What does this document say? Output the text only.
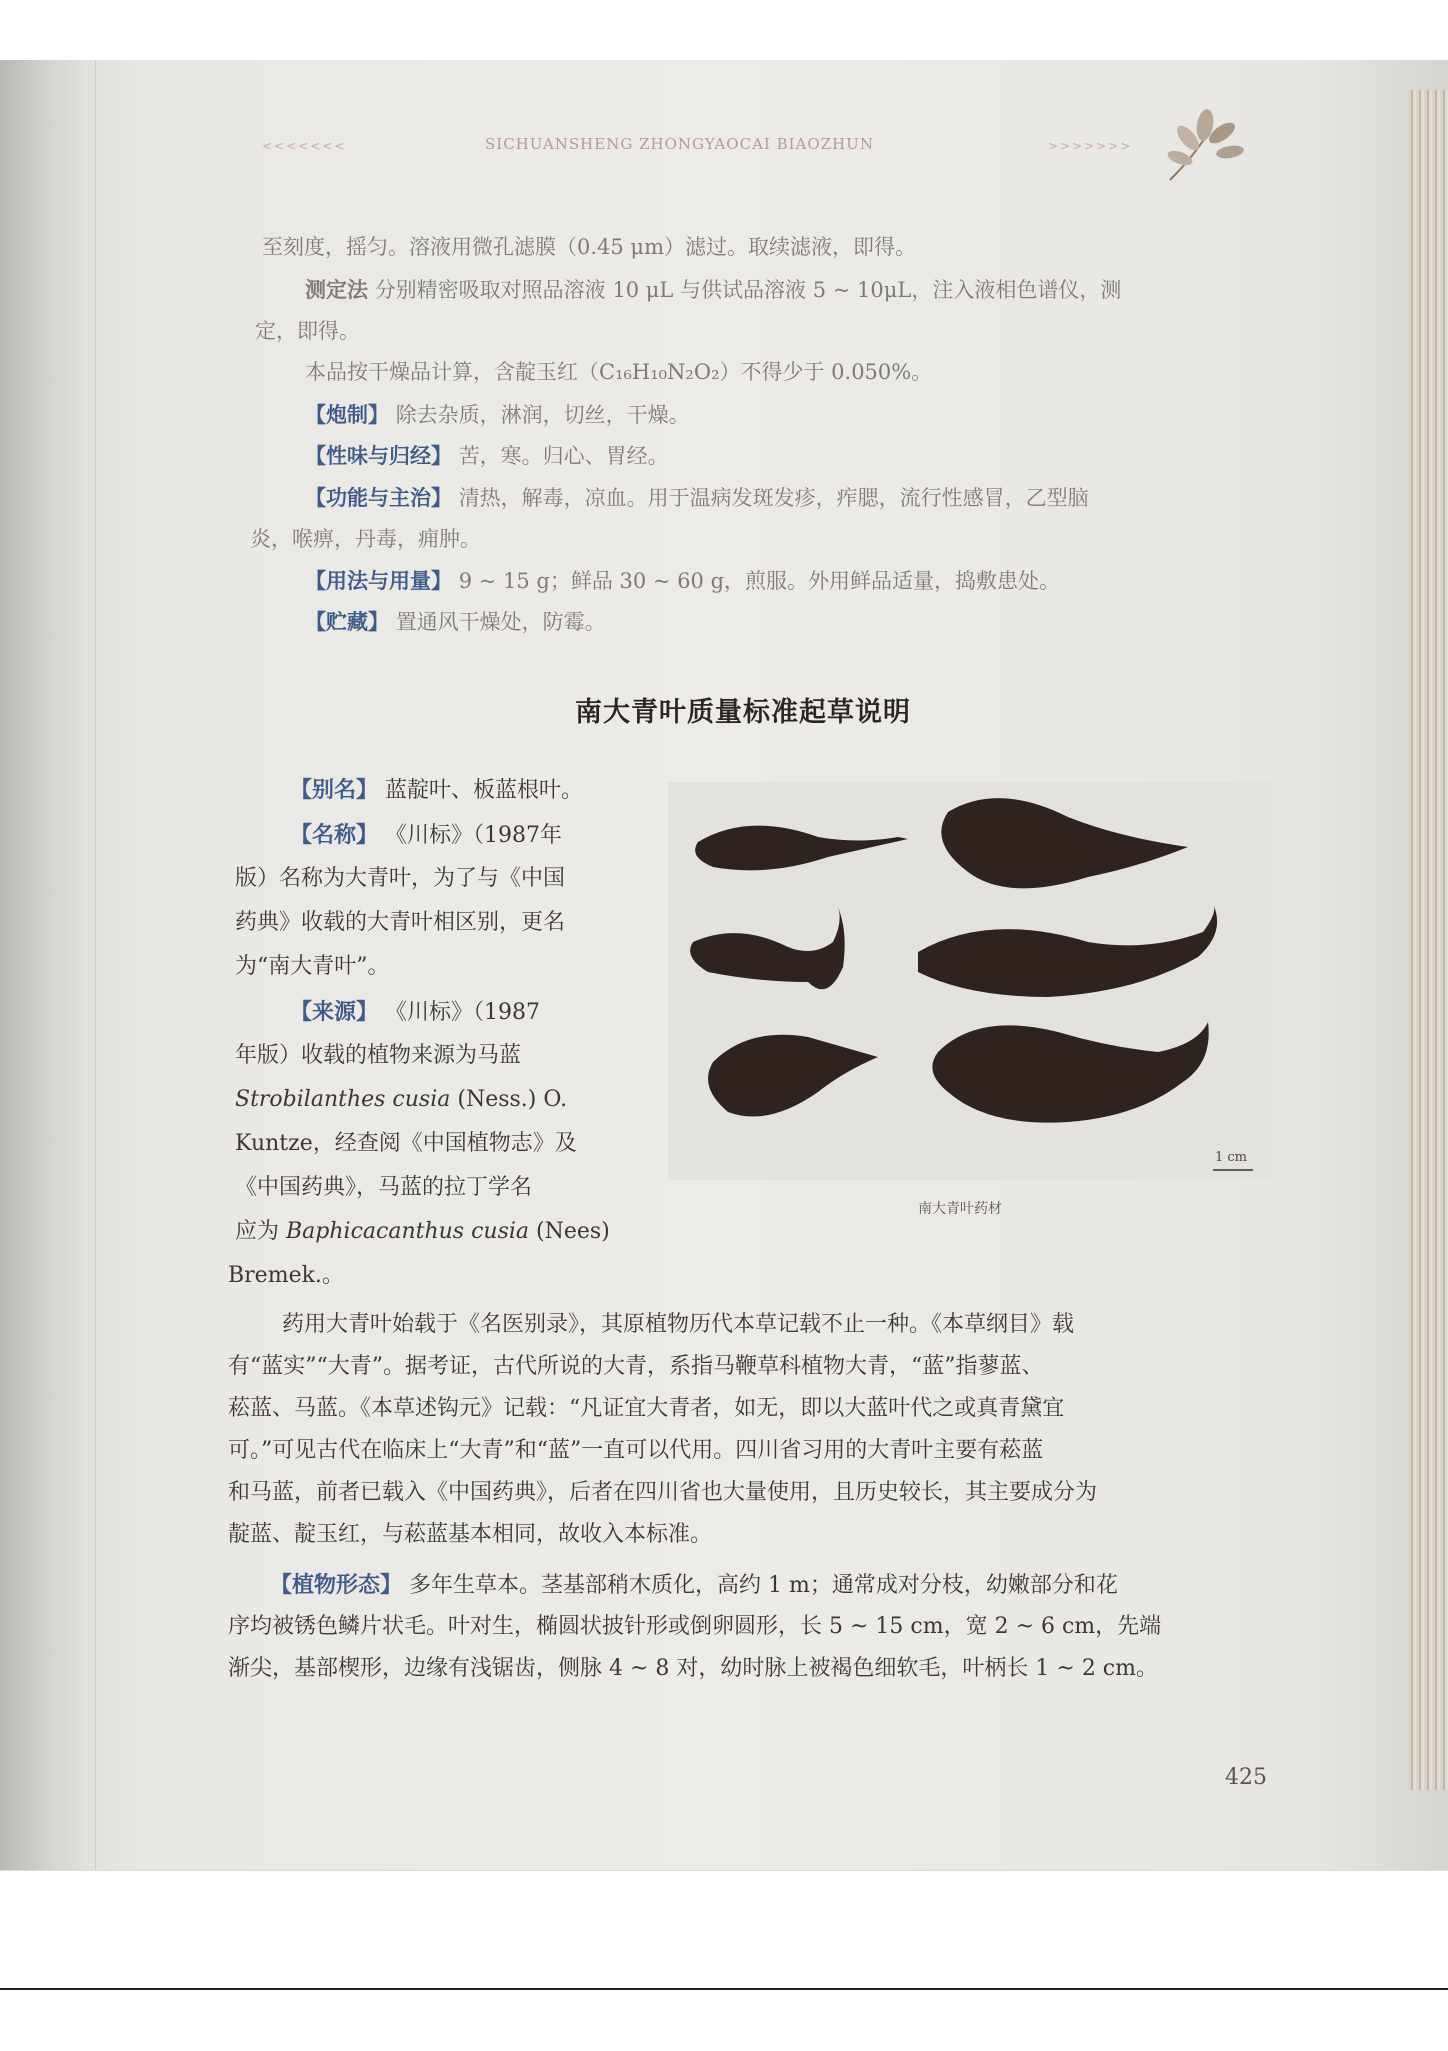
<<<<<<<	SICHUANSHENG ZHONGYAOCAI BIAOZHUN	>>>>>>>
至刻度，摇匀。溶液用微孔滤膜（0.45 μm）滤过。取续滤液，即得。
测定法 分别精密吸取对照品溶液 10 μL 与供试品溶液 5 ~ 10μL，注入液相色谱仪，测
定，即得。
本品按干燥品计算，含靛玉红（C₁₆H₁₀N₂O₂）不得少于 0.050%。
【炮制】 除去杂质，淋润，切丝，干燥。
【性味与归经】 苦，寒。归心、胃经。
【功能与主治】 清热，解毒，凉血。用于温病发斑发疹，痄腮，流行性感冒，乙型脑
炎，喉痹，丹毒，痈肿。
【用法与用量】 9 ~ 15 g；鲜品 30 ~ 60 g，煎服。外用鲜品适量，捣敷患处。
【贮藏】 置通风干燥处，防霉。
南大青叶质量标准起草说明
【别名】 蓝靛叶、板蓝根叶。
【名称】 《川标》（1987年
版）名称为大青叶，为了与《中国
药典》收载的大青叶相区别，更名
为“南大青叶”。
【来源】 《川标》（1987
年版）收载的植物来源为马蓝
Strobilanthes cusia (Ness.) O.
Kuntze，经查阅《中国植物志》及
《中国药典》，马蓝的拉丁学名
应为 Baphicacanthus cusia (Nees)
Bremek.。
1 cm
南大青叶药材
药用大青叶始载于《名医别录》，其原植物历代本草记载不止一种。《本草纲目》载
有“蓝实”“大青”。据考证，古代所说的大青，系指马鞭草科植物大青，“蓝”指蓼蓝、
菘蓝、马蓝。《本草述钩元》记载：“凡证宜大青者，如无，即以大蓝叶代之或真青黛宜
可。”可见古代在临床上“大青”和“蓝”一直可以代用。四川省习用的大青叶主要有菘蓝
和马蓝，前者已载入《中国药典》，后者在四川省也大量使用，且历史较长，其主要成分为
靛蓝、靛玉红，与菘蓝基本相同，故收入本标准。
【植物形态】 多年生草本。茎基部稍木质化，高约 1 m；通常成对分枝，幼嫩部分和花
序均被锈色鳞片状毛。叶对生，椭圆状披针形或倒卵圆形，长 5 ~ 15 cm，宽 2 ~ 6 cm，先端
渐尖，基部楔形，边缘有浅锯齿，侧脉 4 ~ 8 对，幼时脉上被褐色细软毛，叶柄长 1 ~ 2 cm。
425
